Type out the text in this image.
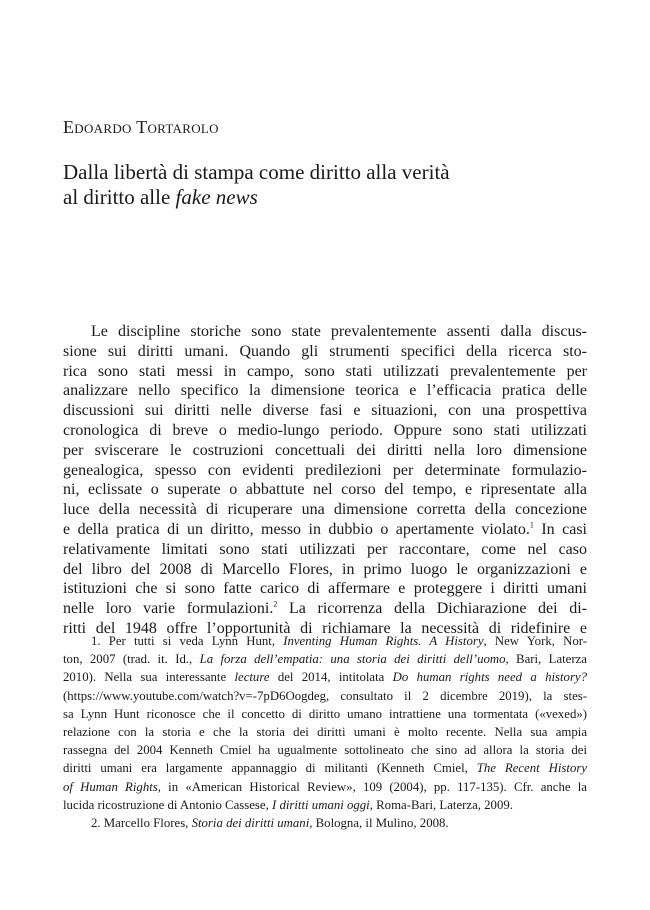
Edoardo Tortarolo
Dalla libertà di stampa come diritto alla verità
al diritto alle fake news
Le discipline storiche sono state prevalentemente assenti dalla discus-
sione sui diritti umani. Quando gli strumenti specifici della ricerca sto-
rica sono stati messi in campo, sono stati utilizzati prevalentemente per
analizzare nello specifico la dimensione teorica e l’efficacia pratica delle
discussioni sui diritti nelle diverse fasi e situazioni, con una prospettiva
cronologica di breve o medio-lungo periodo. Oppure sono stati utilizzati
per sviscerare le costruzioni concettuali dei diritti nella loro dimensione
genealogica, spesso con evidenti predilezioni per determinate formulazio-
ni, eclissate o superate o abbattute nel corso del tempo, e ripresentate alla
luce della necessità di ricuperare una dimensione corretta della concezione
e della pratica di un diritto, messo in dubbio o apertamente violato.$^1$ In casi
relativamente limitati sono stati utilizzati per raccontare, come nel caso
del libro del 2008 di Marcello Flores, in primo luogo le organizzazioni e
istituzioni che si sono fatte carico di affermare e proteggere i diritti umani
nelle loro varie formulazioni.$^2$ La ricorrenza della Dichiarazione dei di-
ritti del 1948 offre l’opportunità di richiamare la necessità di ridefinire e
1. Per tutti si veda Lynn Hunt, Inventing Human Rights. A History, New York, Nor-
ton, 2007 (trad. it. Id., La forza dell’empatia: una storia dei diritti dell’uomo, Bari, Laterza
2010). Nella sua interessante lecture del 2014, intitolata Do human rights need a history?
(https://www.youtube.com/watch?v=-7pD6Oogdeg, consultato il 2 dicembre 2019), la stes-
sa Lynn Hunt riconosce che il concetto di diritto umano intrattiene una tormentata («vexed»)
relazione con la storia e che la storia dei diritti umani è molto recente. Nella sua ampia
rassegna del 2004 Kenneth Cmiel ha ugualmente sottolineato che sino ad allora la storia dei
diritti umani era largamente appannaggio di militanti (Kenneth Cmiel, The Recent History
of Human Rights, in «American Historical Review», 109 (2004), pp. 117-135). Cfr. anche la
lucida ricostruzione di Antonio Cassese, I diritti umani oggi, Roma-Bari, Laterza, 2009.
2. Marcello Flores, Storia dei diritti umani, Bologna, il Mulino, 2008.
